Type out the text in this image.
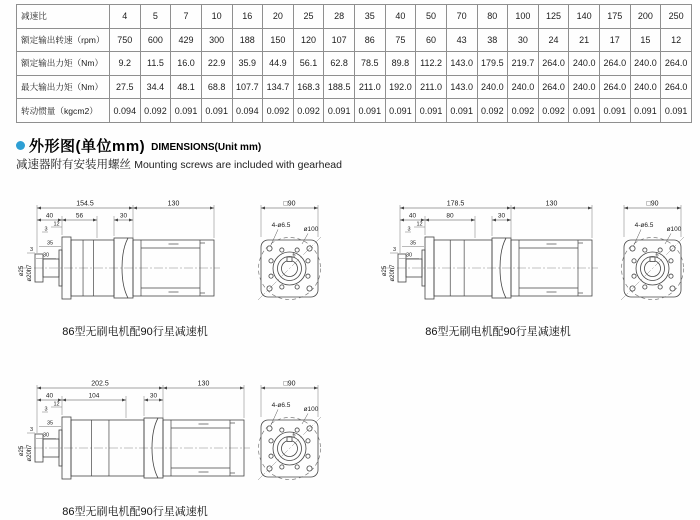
减速比	4	5	7	10	16	20	25	28	35	40	50	70	80	100	125	140	175	200	250
额定输出转速（rpm）	750	600	429	300	188	150	120	107	86	75	60	43	38	30	24	21	17	15	12
额定输出力矩（Nm）	9.2	11.5	16.0	22.9	35.9	44.9	56.1	62.8	78.5	89.8	112.2	143.0	179.5	219.7	264.0	240.0	264.0	240.0	264.0
最大输出力矩（Nm）	27.5	34.4	48.1	68.8	107.7	134.7	168.3	188.5	211.0	192.0	211.0	143.0	240.0	240.0	264.0	240.0	264.0	240.0	264.0
转动惯量（kgcm2）	0.094	0.092	0.091	0.091	0.094	0.092	0.092	0.091	0.091	0.091	0.091	0.091	0.092	0.092	0.092	0.091	0.091	0.091	0.091
外形图(单位mm) DIMENSIONS(Unit mm)
减速器附有安装用螺丝 Mounting screws are included with gearhead
154.5	130
40	56	30
3
12
35
3
30
ø25 ø20h7
□90
6
4-ø6.5
ø100
86型无刷电机配90行星减速机
178.5	130
40	80	30
3
12
35
3
30
ø25 ø20h7
□90
6
4-ø6.5
ø100
86型无刷电机配90行星减速机
202.5	130
40	104	30
3
12
35
3
30
ø25 ø20h7
□90
6
4-ø6.5
ø100
86型无刷电机配90行星减速机
